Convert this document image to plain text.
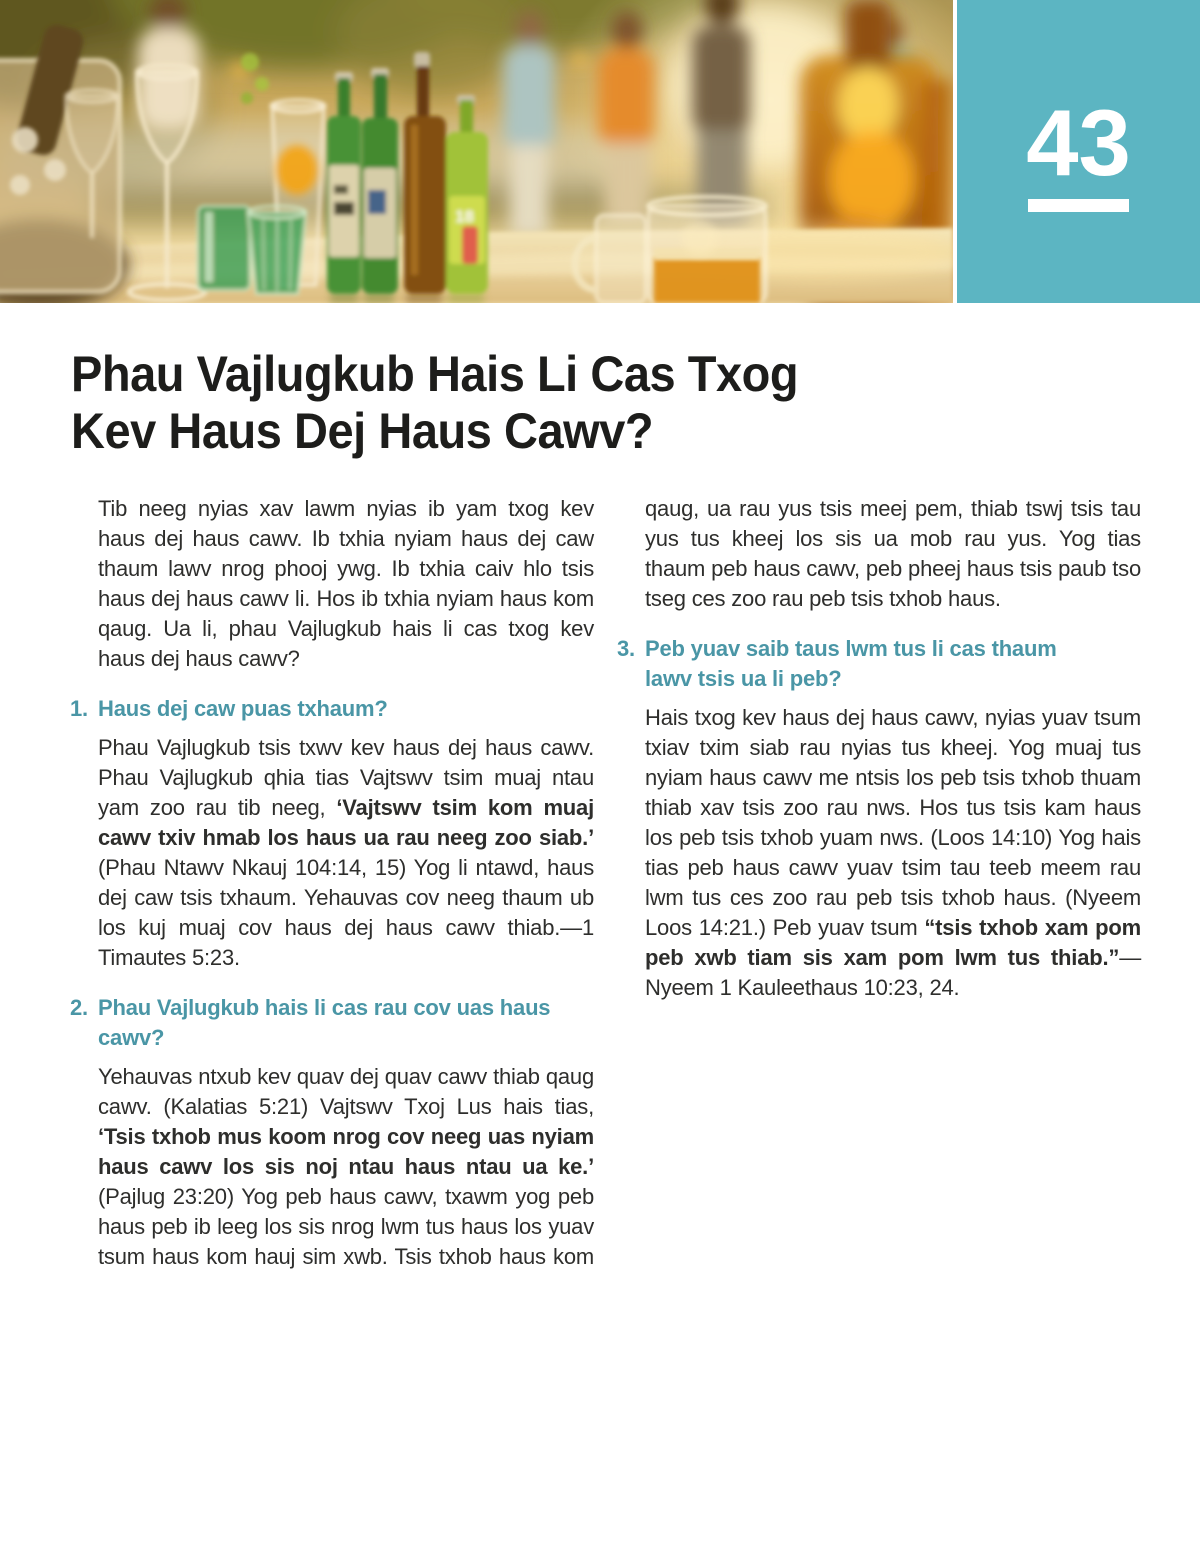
18
43
Phau Vajlugkub Hais Li Cas Txog
Kev Haus Dej Haus Cawv?

Tib neeg nyias xav lawm nyias ib yam txog kev haus dej haus cawv. Ib txhia nyiam haus dej caw thaum lawv nrog phooj ywg. Ib txhia caiv hlo tsis haus dej haus cawv li. Hos ib txhia nyiam haus kom qaug. Ua li, phau Vajlugkub hais li cas txog kev haus dej haus cawv?

1. Haus dej caw puas txhaum?

Phau Vajlugkub tsis txwv kev haus dej haus cawv. Phau Vajlugkub qhia tias Vajtswv tsim muaj ntau yam zoo rau tib neeg, ‘Vajtswv tsim kom muaj cawv txiv hmab los haus ua rau neeg zoo siab.’ (Phau Ntawv Nkauj 104:14, 15) Yog li ntawd, haus dej caw tsis txhaum. Yehauvas cov neeg thaum ub los kuj muaj cov haus dej haus cawv thiab.—1 Timautes 5:23.

2. Phau Vajlugkub hais li cas rau cov uas haus cawv?

Yehauvas ntxub kev quav dej quav cawv thiab qaug cawv. (Kalatias 5:21) Vajtswv Txoj Lus hais tias, ‘Tsis txhob mus koom nrog cov neeg uas nyiam haus cawv los sis noj ntau haus ntau ua ke.’ (Pajlug 23:20) Yog peb haus cawv, txawm yog peb haus peb ib leeg los sis nrog lwm tus haus los yuav tsum haus kom hauj sim xwb. Tsis txhob haus kom qaug, ua rau yus tsis meej pem, thiab tswj tsis tau yus tus kheej los sis ua mob rau yus. Yog tias thaum peb haus cawv, peb pheej haus tsis paub tso tseg ces zoo rau peb tsis txhob haus.

3. Peb yuav saib taus lwm tus li cas thaum lawv tsis ua li peb?

Hais txog kev haus dej haus cawv, nyias yuav tsum txiav txim siab rau nyias tus kheej. Yog muaj tus nyiam haus cawv me ntsis los peb tsis txhob thuam thiab xav tsis zoo rau nws. Hos tus tsis kam haus los peb tsis txhob yuam nws. (Loos 14:10) Yog hais tias peb haus cawv yuav tsim tau teeb meem rau lwm tus ces zoo rau peb tsis txhob haus. (Nyeem Loos 14:21.) Peb yuav tsum “tsis txhob xam pom peb xwb tiam sis xam pom lwm tus thiab.”—Nyeem 1 Kauleethaus 10:23, 24.
